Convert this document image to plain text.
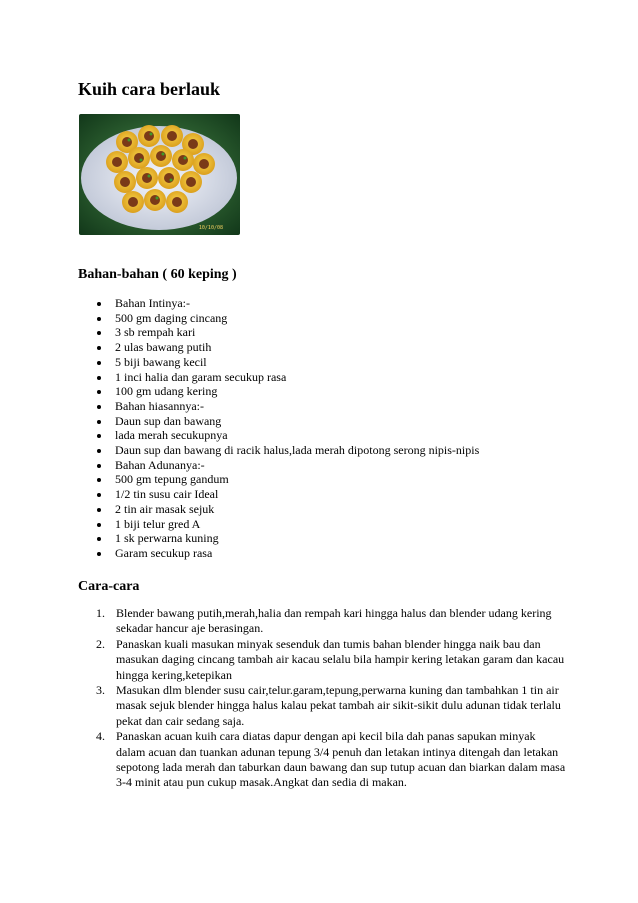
Kuih cara berlauk
10/10/08
Bahan-bahan ( 60 keping )
Bahan Intinya:-
500 gm daging cincang
3 sb rempah kari
2 ulas bawang putih
5 biji bawang kecil
1 inci halia dan garam secukup rasa
100 gm udang kering
Bahan hiasannya:-
Daun sup dan bawang
lada merah secukupnya
Daun sup dan bawang di racik halus,lada merah dipotong serong nipis-nipis
Bahan Adunanya:-
500 gm tepung gandum
1/2 tin susu cair Ideal
2 tin air masak sejuk
1 biji telur gred A
1 sk perwarna kuning
Garam secukup rasa
Cara-cara
1. Blender bawang putih,merah,halia dan rempah kari hingga halus dan blender udang kering sekadar hancur aje berasingan.
2. Panaskan kuali masukan minyak sesenduk dan tumis bahan blender hingga naik bau dan masukan daging cincang tambah air kacau selalu bila hampir kering letakan garam dan kacau hingga kering,ketepikan
3. Masukan dlm blender susu cair,telur.garam,tepung,perwarna kuning dan tambahkan 1 tin air masak sejuk blender hingga halus kalau pekat tambah air sikit-sikit dulu adunan tidak terlalu pekat dan cair sedang saja.
4. Panaskan acuan kuih cara diatas dapur dengan api kecil bila dah panas sapukan minyak dalam acuan dan tuankan adunan tepung 3/4 penuh dan letakan intinya ditengah dan letakan sepotong lada merah dan taburkan daun bawang dan sup tutup acuan dan biarkan dalam masa 3-4 minit atau pun cukup masak.Angkat dan sedia di makan.
